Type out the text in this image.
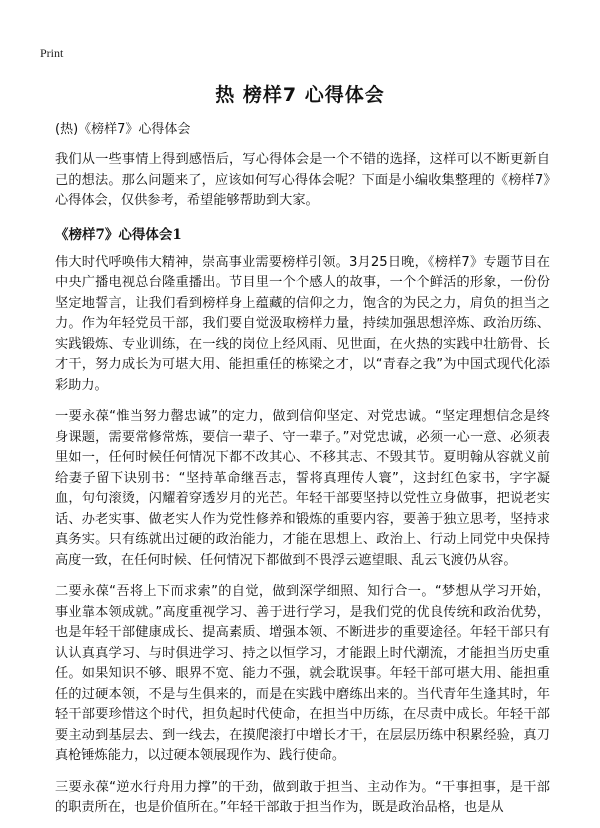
Print
热 榜样7 心得体会

(热)《榜样7》心得体会

我们从一些事情上得到感悟后，写心得体会是一个不错的选择，这样可以不断更新自己的想法。那么问题来了，应该如何写心得体会呢？下面是小编收集整理的《榜样7》心得体会，仅供参考，希望能够帮助到大家。

《榜样7》心得体会1

伟大时代呼唤伟大精神，崇高事业需要榜样引领。3月25日晚，《榜样7》专题节目在中央广播电视总台隆重播出。节目里一个个感人的故事，一个个鲜活的形象，一份份坚定地誓言，让我们看到榜样身上蕴藏的信仰之力，饱含的为民之力，肩负的担当之力。作为年轻党员干部，我们要自觉汲取榜样力量，持续加强思想淬炼、政治历练、实践锻炼、专业训练，在一线的岗位上经风雨、见世面，在火热的实践中壮筋骨、长才干，努力成长为可堪大用、能担重任的栋梁之才，以“青春之我”为中国式现代化添彩助力。

一要永葆“惟当努力罄忠诚”的定力，做到信仰坚定、对党忠诚。“坚定理想信念是终身课题，需要常修常炼，要信一辈子、守一辈子。”对党忠诚，必须一心一意、必须表里如一，任何时候任何情况下都不改其心、不移其志、不毁其节。夏明翰从容就义前给妻子留下诀别书：“坚持革命继吾志，誓将真理传人寰”，这封红色家书，字字凝血，句句滚烫，闪耀着穿透岁月的光芒。年轻干部要坚持以党性立身做事，把说老实话、办老实事、做老实人作为党性修养和锻炼的重要内容，要善于独立思考，坚持求真务实。只有练就出过硬的政治能力，才能在思想上、政治上、行动上同党中央保持高度一致，在任何时候、任何情况下都做到不畏浮云遮望眼、乱云飞渡仍从容。

二要永葆“吾将上下而求索”的自觉，做到深学细照、知行合一。“梦想从学习开始，事业靠本领成就。”高度重视学习、善于进行学习，是我们党的优良传统和政治优势，也是年轻干部健康成长、提高素质、增强本领、不断进步的重要途径。年轻干部只有认认真真学习、与时俱进学习、持之以恒学习，才能跟上时代潮流，才能担当历史重任。如果知识不够、眼界不宽、能力不强，就会耽误事。年轻干部可堪大用、能担重任的过硬本领，不是与生俱来的，而是在实践中磨练出来的。当代青年生逢其时，年轻干部要珍惜这个时代，担负起时代使命，在担当中历练，在尽责中成长。年轻干部要主动到基层去、到一线去，在摸爬滚打中增长才干，在层层历练中积累经验，真刀真枪锤炼能力，以过硬本领展现作为、践行使命。

三要永葆“逆水行舟用力撑”的干劲，做到敢于担当、主动作为。“干事担事，是干部的职责所在，也是价值所在。”年轻干部敢于担当作为，既是政治品格，也是从
